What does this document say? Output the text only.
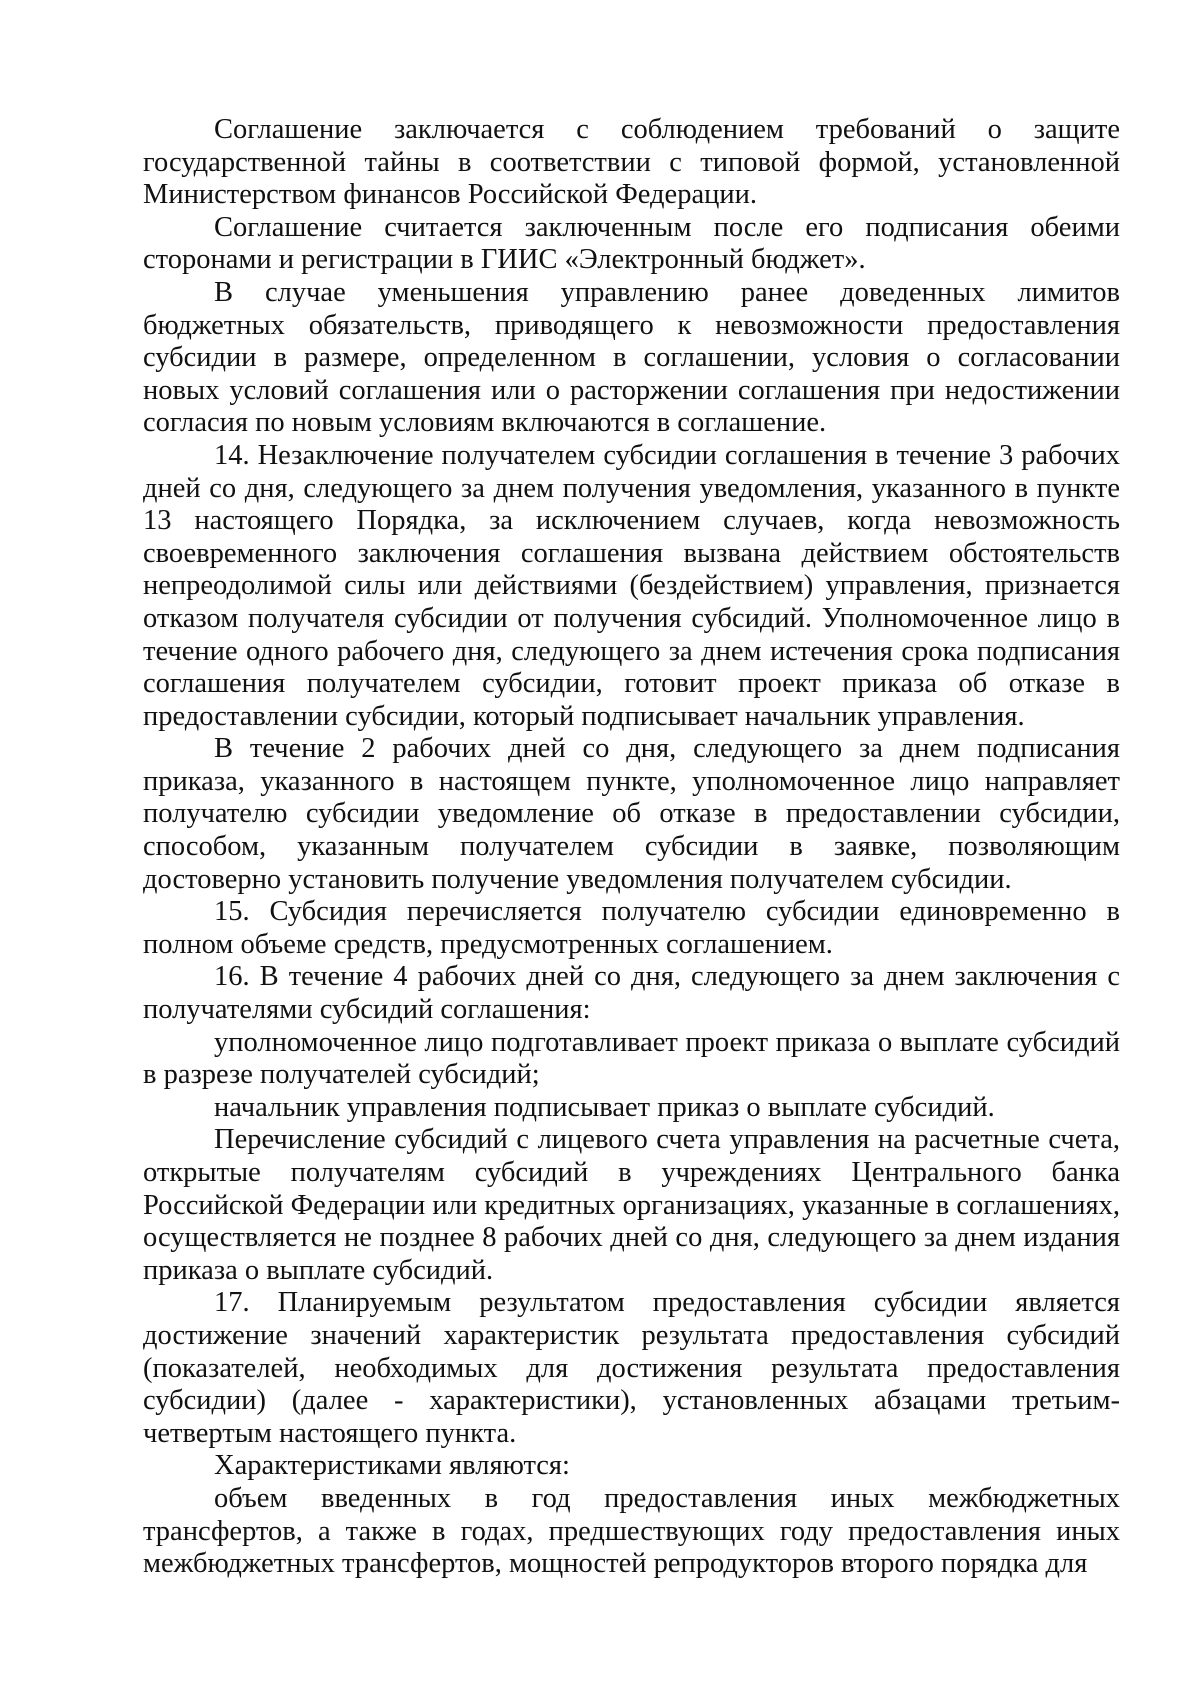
Соглашение заключается с соблюдением требований о защите государственной тайны в соответствии с типовой формой, установленной Министерством финансов Российской Федерации.

Соглашение считается заключенным после его подписания обеими сторонами и регистрации в ГИИС «Электронный бюджет».

В случае уменьшения управлению ранее доведенных лимитов бюджетных обязательств, приводящего к невозможности предоставления субсидии в размере, определенном в соглашении, условия о согласовании новых условий соглашения или о расторжении соглашения при недостижении согласия по новым условиям включаются в соглашение.

14. Незаключение получателем субсидии соглашения в течение 3 рабочих дней со дня, следующего за днем получения уведомления, указанного в пункте 13 настоящего Порядка, за исключением случаев, когда невозможность своевременного заключения соглашения вызвана действием обстоятельств непреодолимой силы или действиями (бездействием) управления, признается отказом получателя субсидии от получения субсидий. Уполномоченное лицо в течение одного рабочего дня, следующего за днем истечения срока подписания соглашения получателем субсидии, готовит проект приказа об отказе в предоставлении субсидии, который подписывает начальник управления.

В течение 2 рабочих дней со дня, следующего за днем подписания приказа, указанного в настоящем пункте, уполномоченное лицо направляет получателю субсидии уведомление об отказе в предоставлении субсидии, способом, указанным получателем субсидии в заявке, позволяющим достоверно установить получение уведомления получателем субсидии.

15. Субсидия перечисляется получателю субсидии единовременно в полном объеме средств, предусмотренных соглашением.

16. В течение 4 рабочих дней со дня, следующего за днем заключения с получателями субсидий соглашения:

уполномоченное лицо подготавливает проект приказа о выплате субсидий в разрезе получателей субсидий;

начальник управления подписывает приказ о выплате субсидий.

Перечисление субсидий с лицевого счета управления на расчетные счета, открытые получателям субсидий в учреждениях Центрального банка Российской Федерации или кредитных организациях, указанные в соглашениях, осуществляется не позднее 8 рабочих дней со дня, следующего за днем издания приказа о выплате субсидий.

17. Планируемым результатом предоставления субсидии является достижение значений характеристик результата предоставления субсидий (показателей, необходимых для достижения результата предоставления субсидии) (далее - характеристики), установленных абзацами третьим-четвертым настоящего пункта.

Характеристиками являются:

объем введенных в год предоставления иных межбюджетных трансфертов, а также в годах, предшествующих году предоставления иных межбюджетных трансфертов, мощностей репродукторов второго порядка для
